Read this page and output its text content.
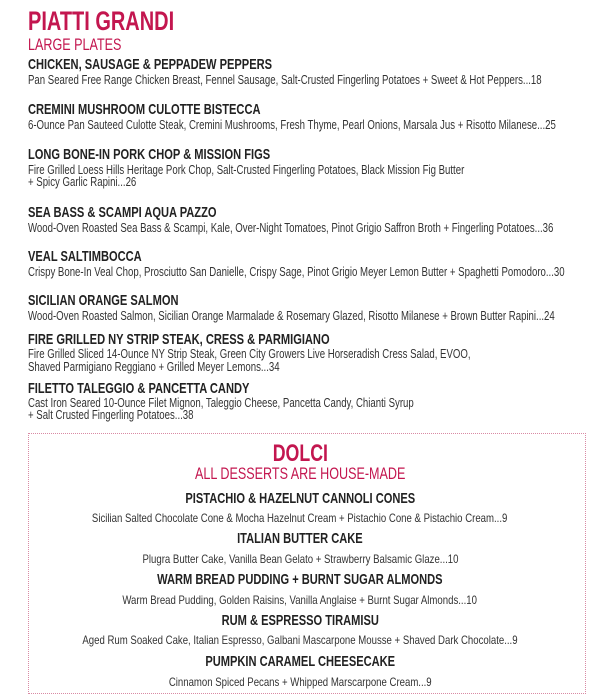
PIATTI GRANDI
LARGE PLATES
CHICKEN, SAUSAGE & PEPPADEW PEPPERS
Pan Seared Free Range Chicken Breast, Fennel Sausage, Salt-Crusted Fingerling Potatoes + Sweet & Hot Peppers...18
CREMINI MUSHROOM CULOTTE BISTECCA
6-Ounce Pan Sauteed Culotte Steak, Cremini Mushrooms, Fresh Thyme, Pearl Onions, Marsala Jus + Risotto Milanese...25
LONG BONE-IN PORK CHOP & MISSION FIGS
Fire Grilled Loess Hills Heritage Pork Chop, Salt-Crusted Fingerling Potatoes, Black Mission Fig Butter
+ Spicy Garlic Rapini...26
SEA BASS & SCAMPI AQUA PAZZO
Wood-Oven Roasted Sea Bass & Scampi, Kale, Over-Night Tomatoes, Pinot Grigio Saffron Broth + Fingerling Potatoes...36
VEAL SALTIMBOCCA
Crispy Bone-In Veal Chop, Prosciutto San Danielle, Crispy Sage, Pinot Grigio Meyer Lemon Butter + Spaghetti Pomodoro...30
SICILIAN ORANGE SALMON
Wood-Oven Roasted Salmon, Sicilian Orange Marmalade & Rosemary Glazed, Risotto Milanese + Brown Butter Rapini...24
FIRE GRILLED NY STRIP STEAK, CRESS & PARMIGIANO
Fire Grilled Sliced 14-Ounce NY Strip Steak, Green City Growers Live Horseradish Cress Salad, EVOO,
Shaved Parmigiano Reggiano + Grilled Meyer Lemons...34
FILETTO TALEGGIO & PANCETTA CANDY
Cast Iron Seared 10-Ounce Filet Mignon, Taleggio Cheese, Pancetta Candy, Chianti Syrup
+ Salt Crusted Fingerling Potatoes...38
DOLCI
ALL DESSERTS ARE HOUSE-MADE
PISTACHIO & HAZELNUT CANNOLI CONES
Sicilian Salted Chocolate Cone & Mocha Hazelnut Cream + Pistachio Cone & Pistachio Cream...9
ITALIAN BUTTER CAKE
Plugra Butter Cake, Vanilla Bean Gelato + Strawberry Balsamic Glaze...10
WARM BREAD PUDDING + BURNT SUGAR ALMONDS
Warm Bread Pudding, Golden Raisins, Vanilla Anglaise + Burnt Sugar Almonds...10
RUM & ESPRESSO TIRAMISU
Aged Rum Soaked Cake, Italian Espresso, Galbani Mascarpone Mousse + Shaved Dark Chocolate...9
PUMPKIN CARAMEL CHEESECAKE
Cinnamon Spiced Pecans + Whipped Marscarpone Cream...9
